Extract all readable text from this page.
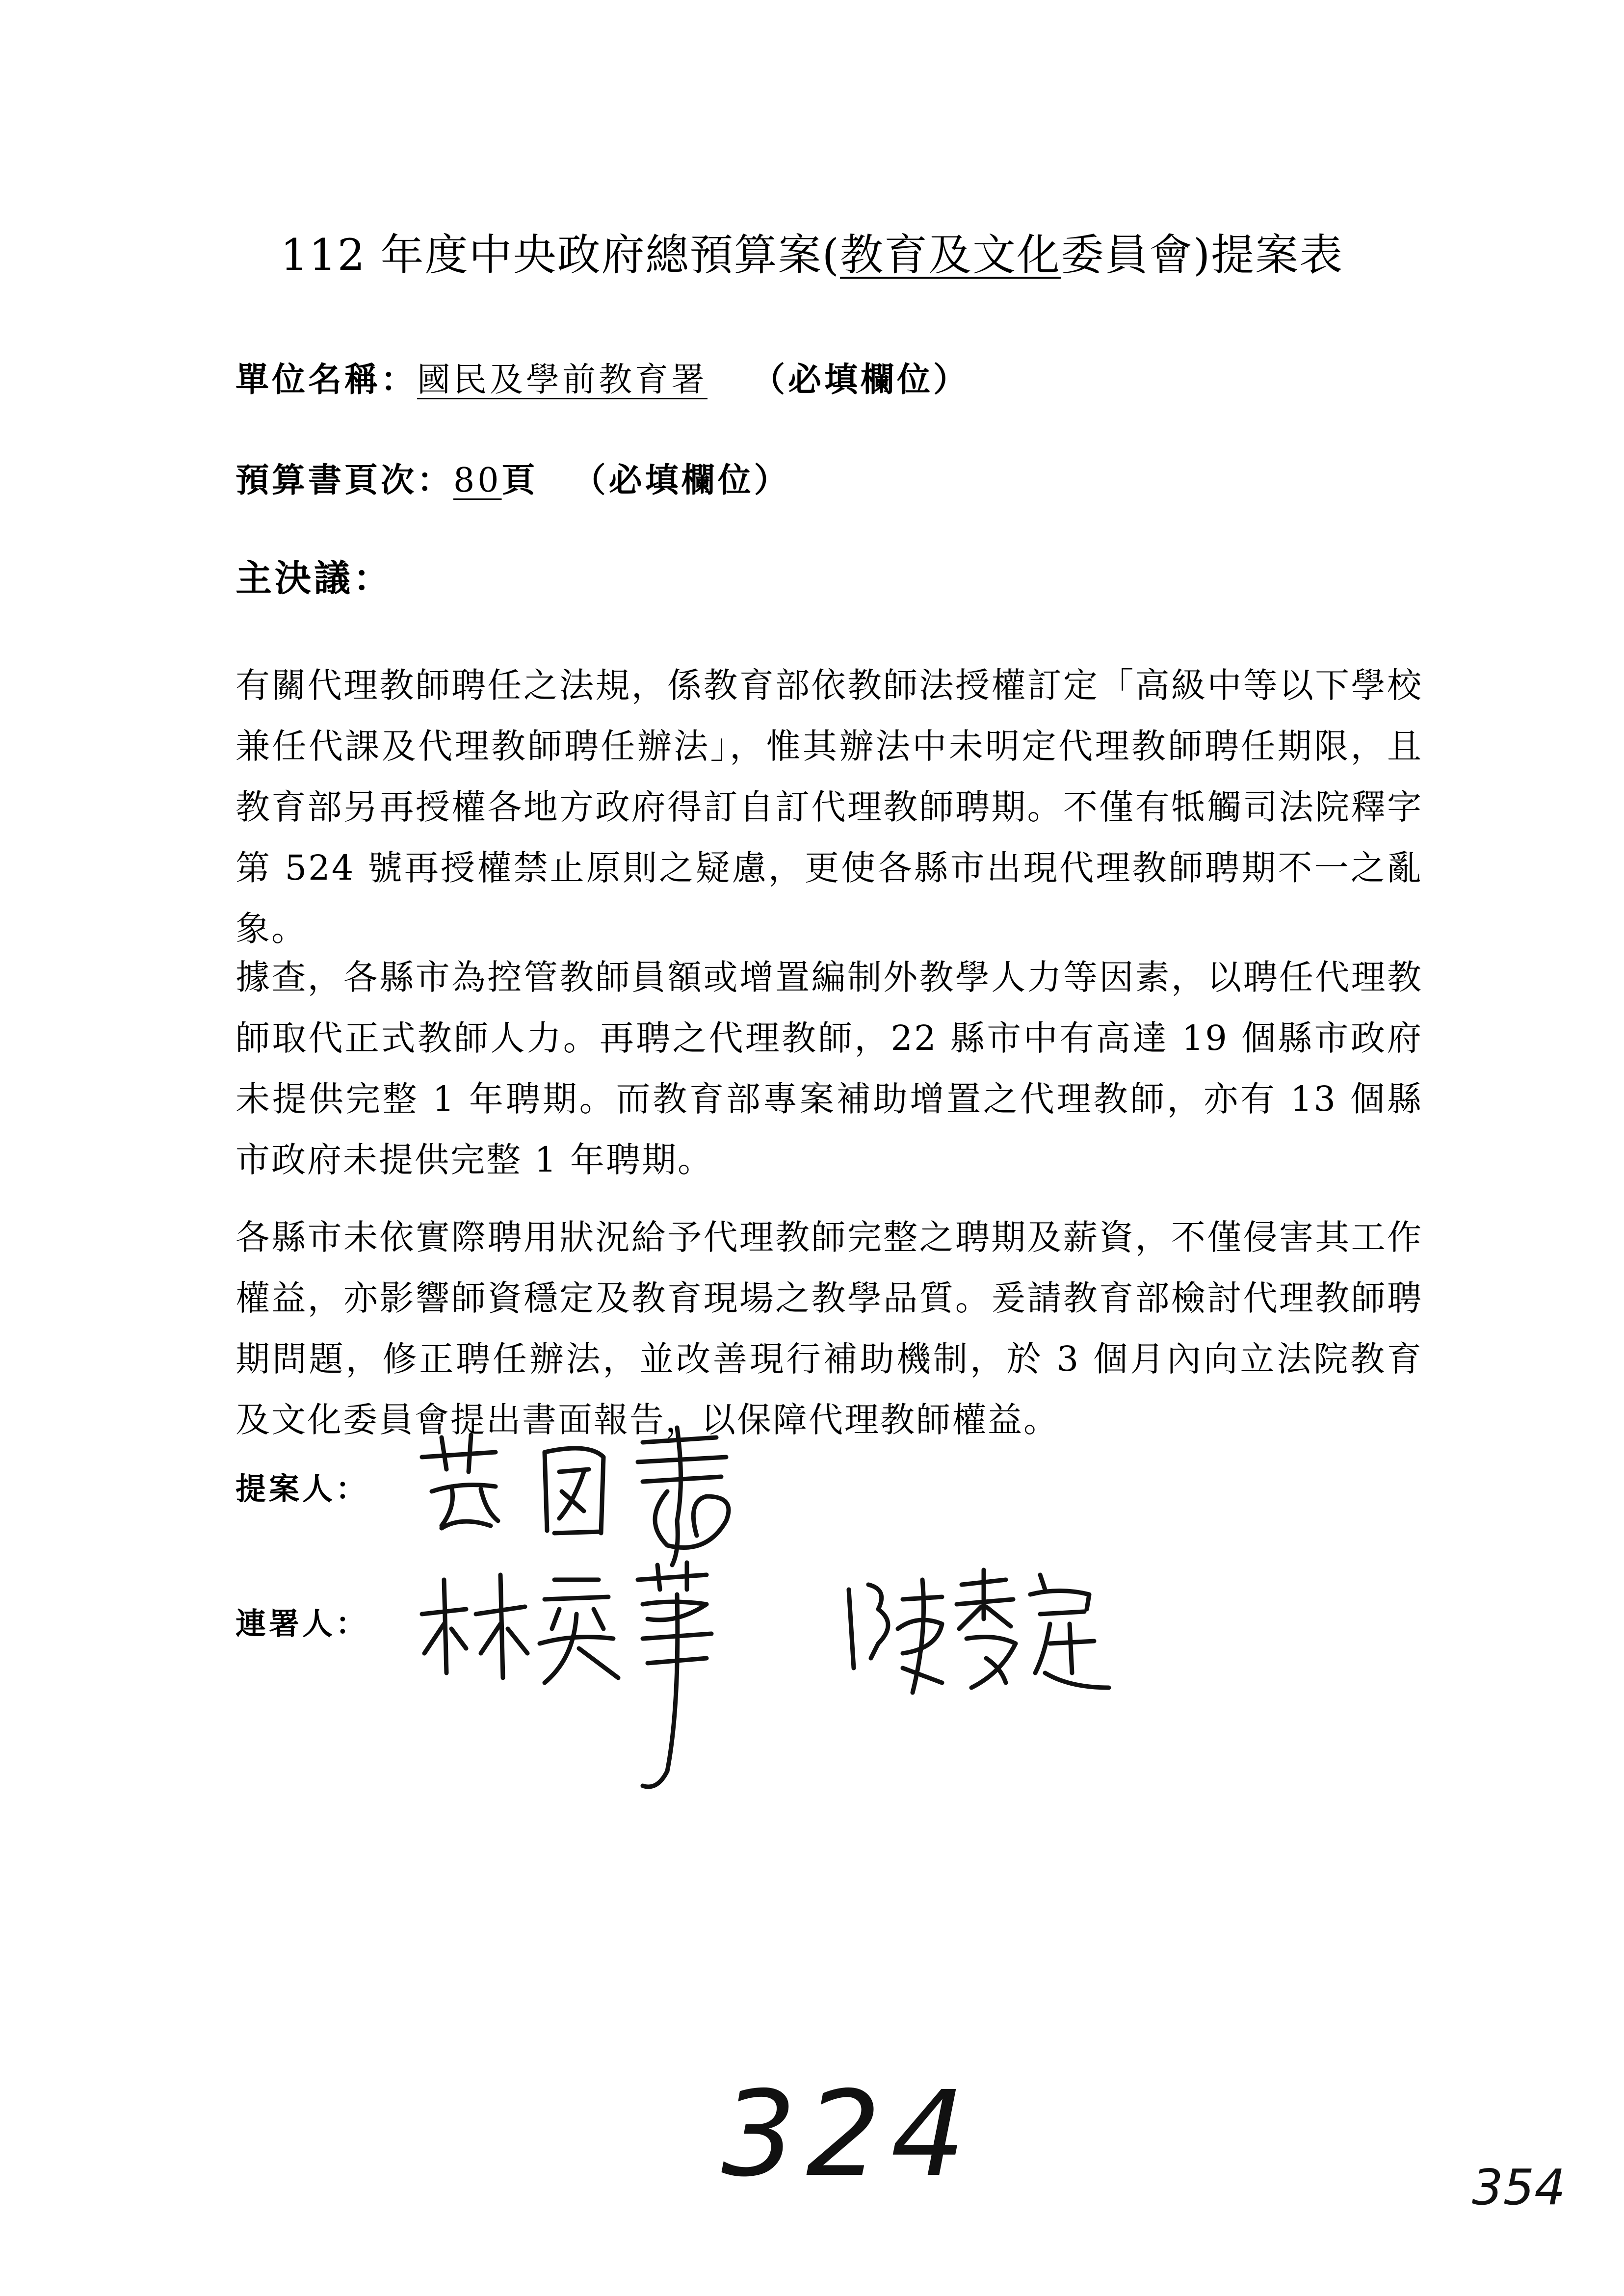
112 年度中央政府總預算案(教育及文化委員會)提案表
單位名稱：國民及學前教育署 （必填欄位）
預算書頁次：80頁 （必填欄位）
主決議：
有關代理教師聘任之法規，係教育部依教師法授權訂定「高級中等以下學校兼任代課及代理教師聘任辦法」，惟其辦法中未明定代理教師聘任期限，且教育部另再授權各地方政府得訂自訂代理教師聘期。不僅有牴觸司法院釋字第 524 號再授權禁止原則之疑慮，更使各縣市出現代理教師聘期不一之亂象。
據查，各縣市為控管教師員額或增置編制外教學人力等因素，以聘任代理教師取代正式教師人力。再聘之代理教師，22 縣市中有高達 19 個縣市政府未提供完整 1 年聘期。而教育部專案補助增置之代理教師，亦有 13 個縣市政府未提供完整 1 年聘期。
各縣市未依實際聘用狀況給予代理教師完整之聘期及薪資，不僅侵害其工作權益，亦影響師資穩定及教育現場之教學品質。爰請教育部檢討代理教師聘期問題，修正聘任辦法，並改善現行補助機制，於 3 個月內向立法院教育及文化委員會提出書面報告，以保障代理教師權益。
提案人：
連署人：
324	354
